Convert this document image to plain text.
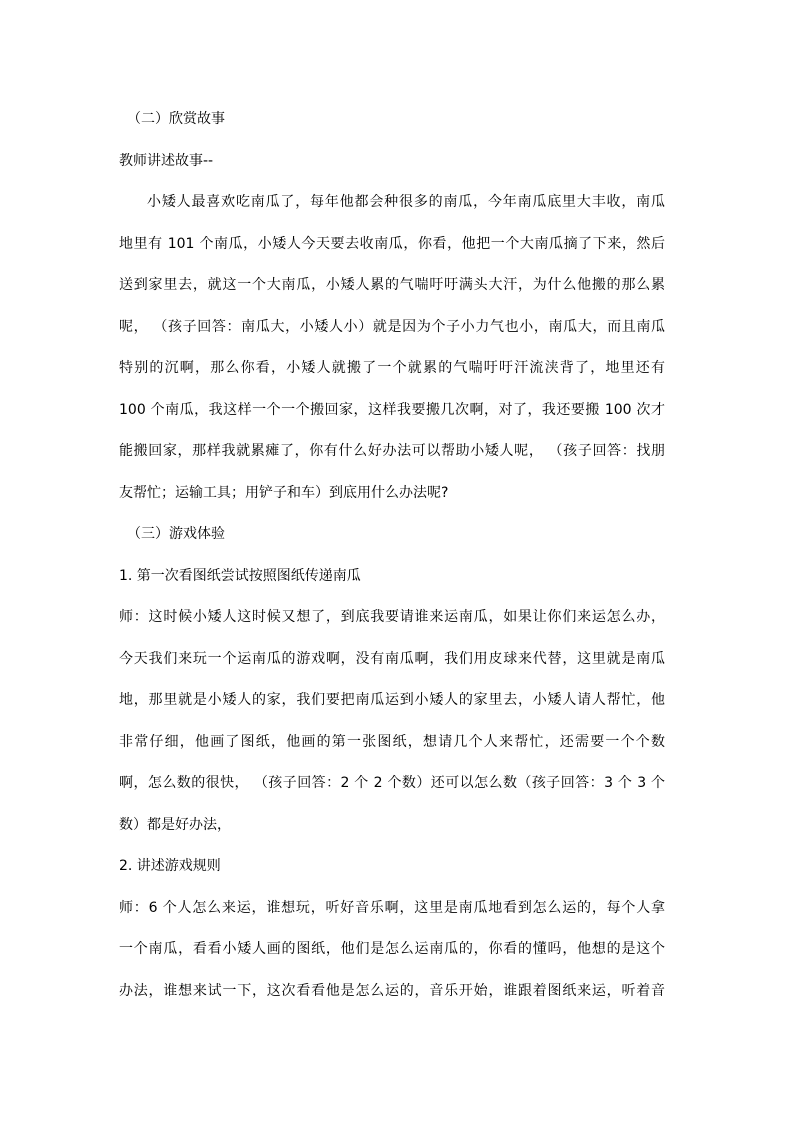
（二）欣赏故事
教师讲述故事--
小矮人最喜欢吃南瓜了，每年他都会种很多的南瓜，今年南瓜底里大丰收，南瓜
地里有 101 个南瓜，小矮人今天要去收南瓜，你看，他把一个大南瓜摘了下来，然后
送到家里去，就这一个大南瓜，小矮人累的气喘吁吁满头大汗，为什么他搬的那么累
呢， （孩子回答：南瓜大，小矮人小）就是因为个子小力气也小，南瓜大，而且南瓜
特别的沉啊，那么你看，小矮人就搬了一个就累的气喘吁吁汗流浃背了，地里还有
100 个南瓜，我这样一个一个搬回家，这样我要搬几次啊，对了，我还要搬 100 次才
能搬回家，那样我就累瘫了，你有什么好办法可以帮助小矮人呢， （孩子回答：找朋
友帮忙；运输工具；用铲子和车）到底用什么办法呢?
（三）游戏体验
1. 第一次看图纸尝试按照图纸传递南瓜
师：这时候小矮人这时候又想了，到底我要请谁来运南瓜，如果让你们来运怎么办，
今天我们来玩一个运南瓜的游戏啊，没有南瓜啊，我们用皮球来代替，这里就是南瓜
地，那里就是小矮人的家，我们要把南瓜运到小矮人的家里去，小矮人请人帮忙，他
非常仔细，他画了图纸，他画的第一张图纸，想请几个人来帮忙，还需要一个个数
啊，怎么数的很快， （孩子回答：2 个 2 个数）还可以怎么数（孩子回答：3 个 3 个
数）都是好办法，
2. 讲述游戏规则
师：6 个人怎么来运，谁想玩，听好音乐啊，这里是南瓜地看到怎么运的，每个人拿
一个南瓜，看看小矮人画的图纸，他们是怎么运南瓜的，你看的懂吗，他想的是这个
办法，谁想来试一下，这次看看他是怎么运的，音乐开始，谁跟着图纸来运，听着音
